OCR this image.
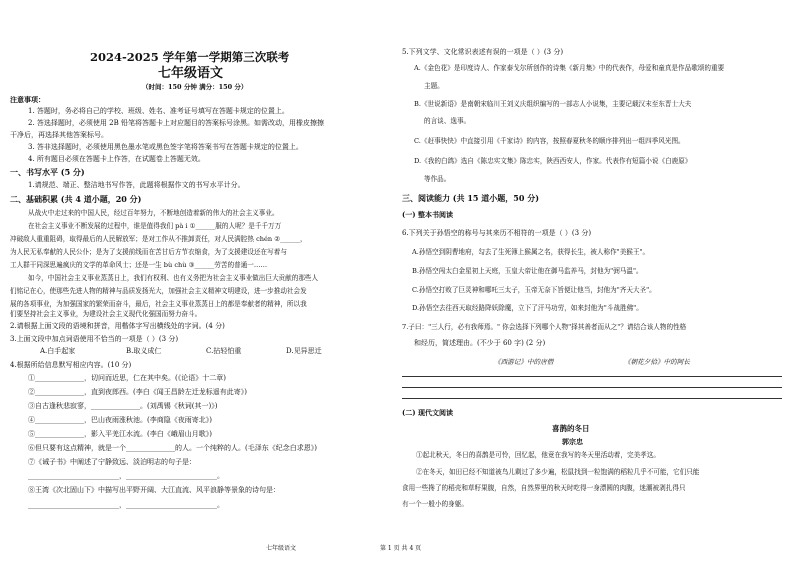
2024-2025 学年第一学期第三次联考
七年级语文
（时间：150 分钟 满分：150 分）
注意事项：
1. 答题时，务必将自己的学校、班级、姓名、准考证号填写在答题卡规定的位置上。
2. 答选择题时，必须使用 2B 铅笔将答题卡上对应题目的答案标号涂黑。如需改动，用橡皮擦擦
干净后，再选择其他答案标号。
3. 答非选择题时，必须使用黑色墨水笔或黑色签字笔将答案书写在答题卡规定的位置上。
4. 所有题目必须在答题卡上作答，在试题卷上答题无效。
一、书写水平 (5 分)
1.请规范、端正、整洁地书写作答，此题将根据作文的书写水平计分。
二、基础积累 (共 4 道小题，20 分)
从战火中走过来的中国人民，经过百年努力，不断地创造着新的伟大的社会主义事业。
在社会主义事业不断发展的过程中，谁是值得我们 pà i ①______服的人呢？是千千万万
冲破敌人重重阻碍，取得最后的人民解放军；是对工作从不推卸责任，对人民满腔热 chén ②______，
为人民无私奉献的人民公仆；是为了支援前线而在苦甘后方节衣缩食，为了支援建设还在写着与
工人群干同深思遍疯庆的文学的革命风士；还是一生 bù chù ③______劳苦的普通一……
如今，中国社会主义事业蒸蒸日上，我们有权利、也有义务把为社会主义事业做出巨大贡献的那些人
们铭记在心，使那些先进人物的精神与品质发扬光大，加强社会主义精神文明建设，进一步推动社会发
展的各项事业，为加强国家的繁荣而奋斗，最后，社会主义事业蒸蒸日上的都是奉献者的精神，所以我
们要坚持社会主义事业，为建设社会主义现代化强国而努力奋斗。
2.请根据上面文段的语境和拼音，用楷体字写出横线处的字词。(4 分)
3.上面文段中加点词语使用不恰当的一项是（ ）(3 分)
A.白手起家	B.取义成仁	C.拈轻怕重	D.见异思迁
4.根据所给信息默写相应内容。(10 分)
①______________，切问而近思，仁在其中矣。(《论语》十二章)
②______________，直到夜郎西。(李白《闻王昌龄左迁龙标遥有此寄》)
③自古逢秋悲寂寥，______________。(刘禹锡《秋词(其一)》)
④______________，巴山夜雨涨秋池。(李商隐《夜雨寄北》)
⑤______________，影入平羌江水流。(李白《峨眉山月歌》)
⑥但只要有这点精神，就是一个______________的人。一个纯粹的人。(毛泽东《纪念白求恩》)
⑦《诫子书》中阐述了宁静致远、淡泊明志的句子是：
__________________________，__________________________。
⑧王湾《次北固山下》中描写出平野开阔、大江直流、风平浪静等景象的诗句是：
__________________________，__________________________。
5.下列文学、文化常识表述有误的一项是（ ）(3 分)
A.《金色花》是印度诗人、作家泰戈尔所创作的诗集《新月集》中的代表作，母爱和童真是作品歌颂的重要
主题。
B.《世说新语》是南朝宋临川王刘义庆组织编写的一部志人小说集，主要记载汉末至东晋士大夫
的言谈、逸事。
C.《赶事快快》中直接引用《千家诗》的内容，按照春夏秋冬的顺序排列出一组四季风光图。
D.《我的白鸽》选自《陈忠实文集》陈忠实，陕西西安人，作家。代表作有短篇小说《白鹿原》
等作品。
三、阅读能力 (共 15 道小题，50 分)
(一) 整本书阅读
6.下列关于孙悟空的称号与其来历不相符的一项是（ ）(3 分)
A.孙悟空到阴曹地府，勾去了生死簿上猴属之名，获得长生，被人称作"美猴王"。
B.孙悟空闯太白金星初上天庭，玉皇大帝让他在御马监养马，封他为"弼马温"。
C.孙悟空打败了巨灵神和哪吒三太子，玉帝无奈下旨便让他当，封他为"齐天大圣"。
D.孙悟空去往西天取经路降妖除魔，立下了汗马功劳，如来封他为"斗战胜佛"。
7.子曰："三人行，必有我师焉。" 你会选择下列哪个人物"择其善者而从之"？请结合该人物的性格
和经历，简述理由。(不少于 60 字) (2 分)
《西游记》中的唐僧	《朝花夕拾》中的阿长
(二) 现代文阅读
喜鹊的冬日
郭宗忠
①起北秋天，冬日的喜鹊是可怜，回忆起，他竟在我写的冬天里活动着，完美孝这。
②在冬天，如田已经不知道被鸟儿剩过了多少遍，松鼠找到一粒饱满的稻粒几乎不可能，它们只能
食用一些搀了的稻壳和草籽果腹，自然，自然界里的秋天时吃得一身漂圆的肉腹，迷潮被剥扎得只
有一个一般小的身躯。
七年级语文	第 1 页 共 4 页
